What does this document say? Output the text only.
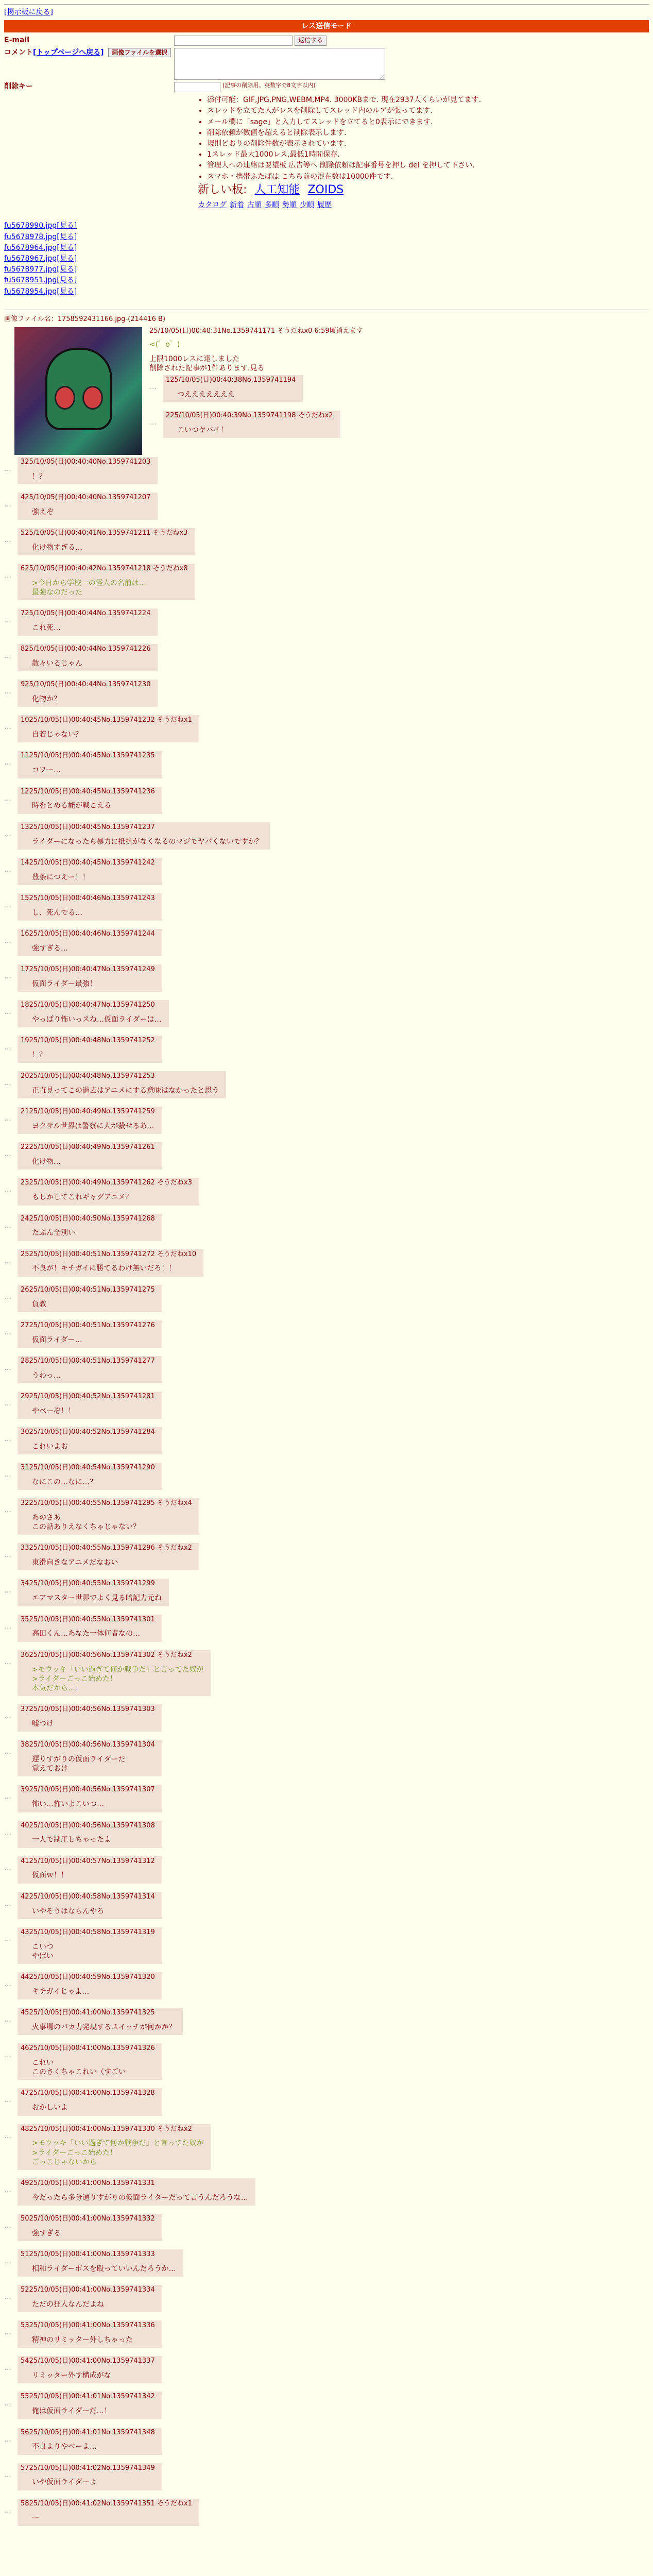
[掲示板に戻る]
レス送信モード
E-mail	返信する
コメント[トップページへ戻る] 画像ファイルを選択
削除キー	(記事の削除用。英数字で8文字以内)
• 添付可能：GIF,JPG,PNG,WEBM,MP4. 3000KBまで. 現在2937人くらいが見てます.
• スレッドを立てた人がレスを削除してスレッド内のルアが張ってます.
• メール欄に「sage」と入力してスレッドを立てると0表示にできます.
• 削除依頼が数値を超えると削除表示します.
• 規則どおりの削除件数が表示されています.
• 1スレッド最大1000レス,最低1時間保存.
• 管理人への連絡は要望板 広告等へ 削除依頼は記事番号を押し del を押して下さい.
• スマホ・携帯ふたばは こちら前の混在数は10000件です.
新しい板: 人工知能 ZOIDS
カタログ 新着 古順 多順 勢順 少順 履歴
fu5678990.jpg[見る]
fu5678978.jpg[見る]
fu5678964.jpg[見る]
fu5678967.jpg[見る]
fu5678977.jpg[見る]
fu5678951.jpg[見る]
fu5678954.jpg[見る]
画像ファイル名：1758592431166.jpg-(214416 B)
25/10/05(日)00:40:31No.1359741171 そうだねx0 6:59頃消えます
<(゜o゜)
上限1000レスに達しました
削除された記事が1件あります.見る
…
125/10/05(日)00:40:38No.1359741194
つえええええええ
…
225/10/05(日)00:40:39No.1359741198 そうだねx2
こいつヤバイ！
…
325/10/05(日)00:40:40No.1359741203
！？
…
425/10/05(日)00:40:40No.1359741207
強えぞ
…
525/10/05(日)00:40:41No.1359741211 そうだねx3
化け物すぎる…
…
625/10/05(日)00:40:42No.1359741218 そうだねx8
>今日から学校一の怪人の名前は…
最強なのだった
…
725/10/05(日)00:40:44No.1359741224
これ死…
…
825/10/05(日)00:40:44No.1359741226
散々いるじゃん
…
925/10/05(日)00:40:44No.1359741230
化物か？
…
1025/10/05(日)00:40:45No.1359741232 そうだねx1
自若じゃない？
…
1125/10/05(日)00:40:45No.1359741235
コワー…
…
1225/10/05(日)00:40:45No.1359741236
時をとめる能が戦こえる
…
1325/10/05(日)00:40:45No.1359741237
ライダーになったら暴力に抵抗がなくなるのマジでヤバくないですか？
…
1425/10/05(日)00:40:45No.1359741242
豊条につえー！！
…
1525/10/05(日)00:40:46No.1359741243
し、死んでる…
…
1625/10/05(日)00:40:46No.1359741244
強すぎる…
…
1725/10/05(日)00:40:47No.1359741249
仮面ライダー最強！
…
1825/10/05(日)00:40:47No.1359741250
やっぱり怖いっスね…仮面ライダーは…
…
1925/10/05(日)00:40:48No.1359741252
！？
…
2025/10/05(日)00:40:48No.1359741253
正直見ってこの過去はアニメにする意味はなかったと思う
…
2125/10/05(日)00:40:49No.1359741259
ヨクサル世界は警察に人が殺せるあ…
…
2225/10/05(日)00:40:49No.1359741261
化け物…
…
2325/10/05(日)00:40:49No.1359741262 そうだねx3
もしかしてこれギャグアニメ？
…
2425/10/05(日)00:40:50No.1359741268
たぶん全別い
…
2525/10/05(日)00:40:51No.1359741272 そうだねx10
不良が！キチガイに勝てるわけ無いだろ！！
…
2625/10/05(日)00:40:51No.1359741275
負教
…
2725/10/05(日)00:40:51No.1359741276
仮面ライダー…
…
2825/10/05(日)00:40:51No.1359741277
うわっ…
…
2925/10/05(日)00:40:52No.1359741281
やべーぞ！！
…
3025/10/05(日)00:40:52No.1359741284
これいよお
…
3125/10/05(日)00:40:54No.1359741290
なにこの…なに…？
…
3225/10/05(日)00:40:55No.1359741295 そうだねx4
あのさあ
この話ありえなくちゃじゃない？
…
3325/10/05(日)00:40:55No.1359741296 そうだねx2
東滑向きなアニメだなおい
…
3425/10/05(日)00:40:55No.1359741299
エアマスター世界でよく見る暗記力元ね
…
3525/10/05(日)00:40:55No.1359741301
高田くん…あなた一体何者なの…
…
3625/10/05(日)00:40:56No.1359741302 そうだねx2
>モウッキ「いい過ぎて何か戦争だ」と言ってた奴が
>ライダーごっこ始めた！
本気だから…！
…
3725/10/05(日)00:40:56No.1359741303
嘘つけ
…
3825/10/05(日)00:40:56No.1359741304
遅りすがりの仮面ライダーだ
覚えておけ
…
3925/10/05(日)00:40:56No.1359741307
怖い…怖いよこいつ…
…
4025/10/05(日)00:40:56No.1359741308
一人で制圧しちゃったよ
…
4125/10/05(日)00:40:57No.1359741312
仮面ｗ！！
…
4225/10/05(日)00:40:58No.1359741314
いやそうはならんやろ
…
4325/10/05(日)00:40:58No.1359741319
こいつ
やばい
…
4425/10/05(日)00:40:59No.1359741320
キチガイじゃよ…
…
4525/10/05(日)00:41:00No.1359741325
火事場のバカ力発現するスイッチが何かか？
…
4625/10/05(日)00:41:00No.1359741326
これい
このさくちゃこれい（すごい
…
4725/10/05(日)00:41:00No.1359741328
おかしいよ
…
4825/10/05(日)00:41:00No.1359741330 そうだねx2
>モウッキ「いい過ぎて何か戦争だ」と言ってた奴が
>ライダーごっこ始めた！
ごっこじゃないから
…
4925/10/05(日)00:41:00No.1359741331
今だったら多分通りすがりの仮面ライダーだって言うんだろうな…
…
5025/10/05(日)00:41:00No.1359741332
強すぎる
…
5125/10/05(日)00:41:00No.1359741333
相和ライダーボスを殴っていいんだろうか…
…
5225/10/05(日)00:41:00No.1359741334
ただの狂人なんだよね
…
5325/10/05(日)00:41:00No.1359741336
精神のリミッター外しちゃった
…
5425/10/05(日)00:41:00No.1359741337
リミッター外す構成がな
…
5525/10/05(日)00:41:01No.1359741342
俺は仮面ライダーだ…！
…
5625/10/05(日)00:41:01No.1359741348
不良よりやべーよ…
…
5725/10/05(日)00:41:02No.1359741349
いや仮面ライダーよ
…
5825/10/05(日)00:41:02No.1359741351 そうだねx1
ー
